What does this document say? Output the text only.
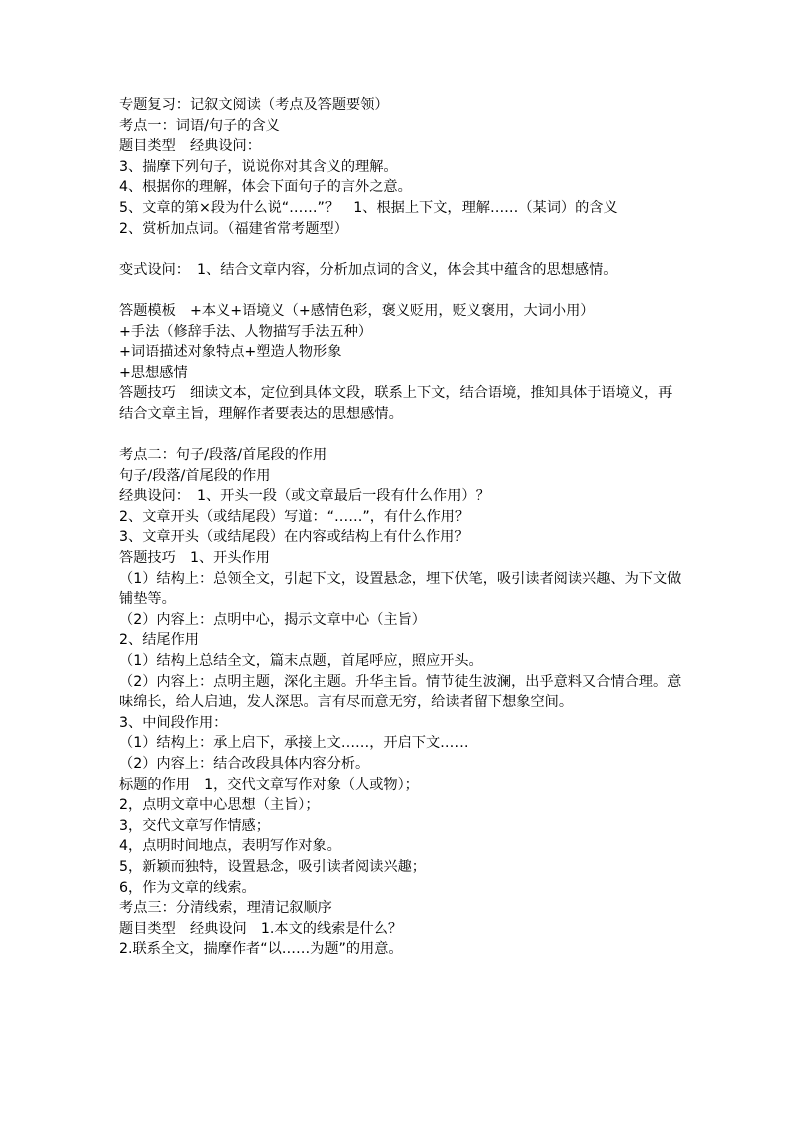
专题复习：记叙文阅读（考点及答题要领）
考点一：词语/句子的含义
题目类型　经典设问：
3、揣摩下列句子，说说你对其含义的理解。
4、根据你的理解，体会下面句子的言外之意。
5、文章的第×段为什么说“……”？　1、根据上下文，理解……（某词）的含义
2、赏析加点词。（福建省常考题型）
变式设问：　1、结合文章内容，分析加点词的含义，体会其中蕴含的思想感情。
答题模板　+本义+语境义（+感情色彩，褒义贬用，贬义褒用，大词小用）
+手法（修辞手法、人物描写手法五种）
+词语描述对象特点+塑造人物形象
+思想感情
答题技巧　细读文本，定位到具体文段，联系上下文，结合语境，推知具体于语境义，再结合文章主旨，理解作者要表达的思想感情。
考点二：句子/段落/首尾段的作用
句子/段落/首尾段的作用
经典设问：　1、开头一段（或文章最后一段有什么作用）？
2、文章开头（或结尾段）写道：“……”，有什么作用？
3、文章开头（或结尾段）在内容或结构上有什么作用？
答题技巧　1、开头作用
（1）结构上：总领全文，引起下文，设置悬念，埋下伏笔，吸引读者阅读兴趣、为下文做铺垫等。
（2）内容上：点明中心，揭示文章中心（主旨）
2、结尾作用
（1）结构上总结全文，篇末点题，首尾呼应，照应开头。
（2）内容上：点明主题，深化主题。升华主旨。情节徒生波澜，出乎意料又合情合理。意味绵长，给人启迪，发人深思。言有尽而意无穷，给读者留下想象空间。
3、中间段作用：
（1）结构上：承上启下，承接上文……，开启下文……
（2）内容上：结合改段具体内容分析。
标题的作用　1，交代文章写作对象（人或物）；
2，点明文章中心思想（主旨）；
3，交代文章写作情感；
4，点明时间地点，表明写作对象。
5，新颖而独特，设置悬念，吸引读者阅读兴趣；
6，作为文章的线索。
考点三：分清线索，理清记叙顺序
题目类型　经典设问　1.本文的线索是什么？
2.联系全文，揣摩作者“以……为题”的用意。
